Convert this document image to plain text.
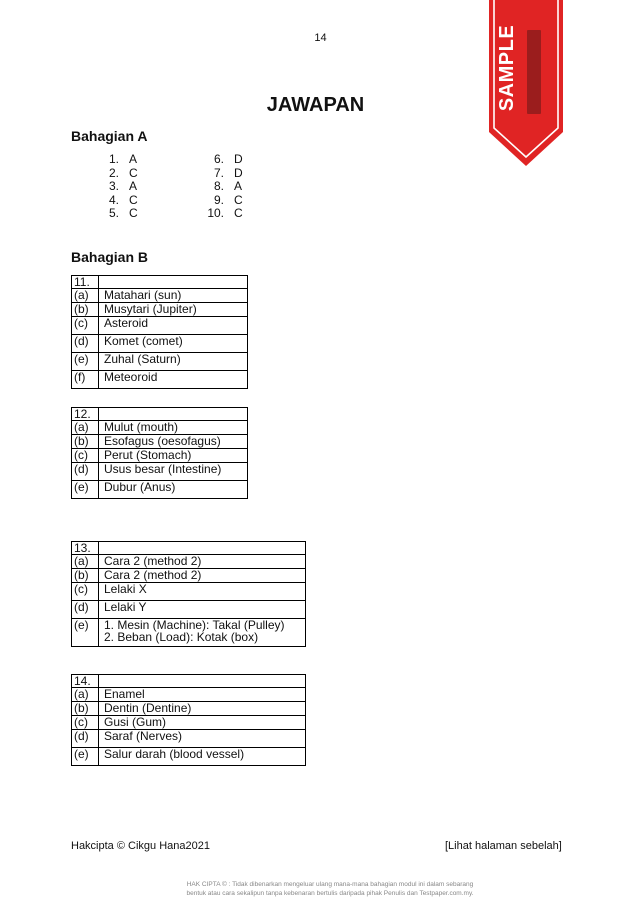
14	SAMPLE
JAWAPAN
Bahagian A
1. A
2. C
3. A
4. C
5. C
6. D
7. D
8. A
9. C
10. C
Bahagian B
11.	
(a)	Matahari (sun)
(b)	Musytari (Jupiter)
(c)	Asteroid
(d)	Komet (comet)
(e)	Zuhal (Saturn)
(f)	Meteoroid
12.	
(a)	Mulut (mouth)
(b)	Esofagus (oesofagus)
(c)	Perut (Stomach)
(d)	Usus besar (Intestine)
(e)	Dubur (Anus)
13.	
(a)	Cara 2 (method 2)
(b)	Cara 2 (method 2)
(c)	Lelaki X
(d)	Lelaki Y
(e)	1. Mesin (Machine): Takal (Pulley)
2. Beban (Load): Kotak (box)
14.	
(a)	Enamel
(b)	Dentin (Dentine)
(c)	Gusi (Gum)
(d)	Saraf (Nerves)
(e)	Salur darah (blood vessel)
Hakcipta © Cikgu Hana2021	[Lihat halaman sebelah]
HAK CIPTA © : Tidak dibenarkan mengeluar ulang mana-mana bahagian modul ini dalam sebarang
bentuk atau cara sekalipun tanpa kebenaran bertulis daripada pihak Penulis dan Testpaper.com.my.
